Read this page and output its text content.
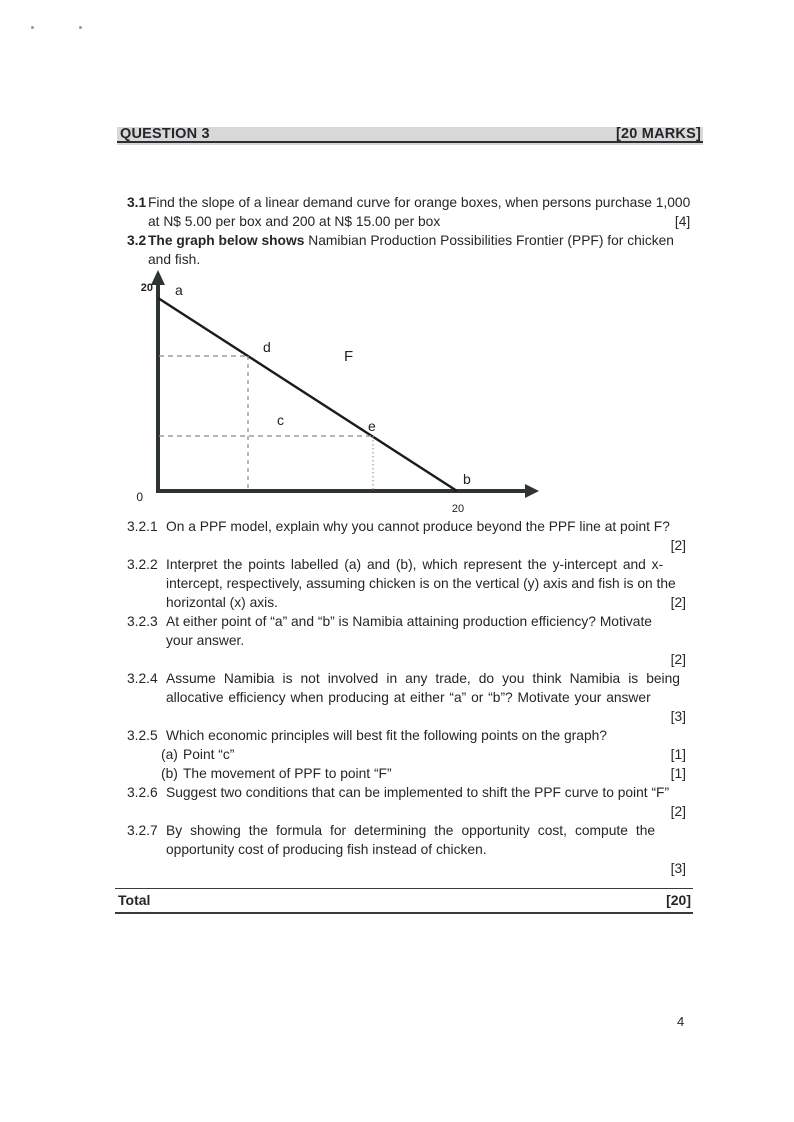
QUESTION 3	[20 MARKS]
3.1 Find the slope of a linear demand curve for orange boxes, when persons purchase 1,000
at N$ 5.00 per box and 200 at N$ 15.00 per box	[4]
3.2 The graph below shows Namibian Production Possibilities Frontier (PPF) for chicken
and fish.
20 a
d
F
c	e
b
0
20
3.2.1 On a PPF model, explain why you cannot produce beyond the PPF line at point F?
[2]
3.2.2 Interpret the points labelled (a) and (b), which represent the y-intercept and x-
intercept, respectively, assuming chicken is on the vertical (y) axis and fish is on the
horizontal (x) axis.	[2]
3.2.3 At either point of “a” and “b” is Namibia attaining production efficiency? Motivate
your answer.
[2]
3.2.4 Assume Namibia is not involved in any trade, do you think Namibia is being
allocative efficiency when producing at either “a” or “b”? Motivate your answer
[3]
3.2.5 Which economic principles will best fit the following points on the graph?
(a) Point “c”	[1]
(b) The movement of PPF to point “F”	[1]
3.2.6 Suggest two conditions that can be implemented to shift the PPF curve to point “F”
[2]
3.2.7 By showing the formula for determining the opportunity cost, compute the
opportunity cost of producing fish instead of chicken.
[3]
Total	[20]
4
